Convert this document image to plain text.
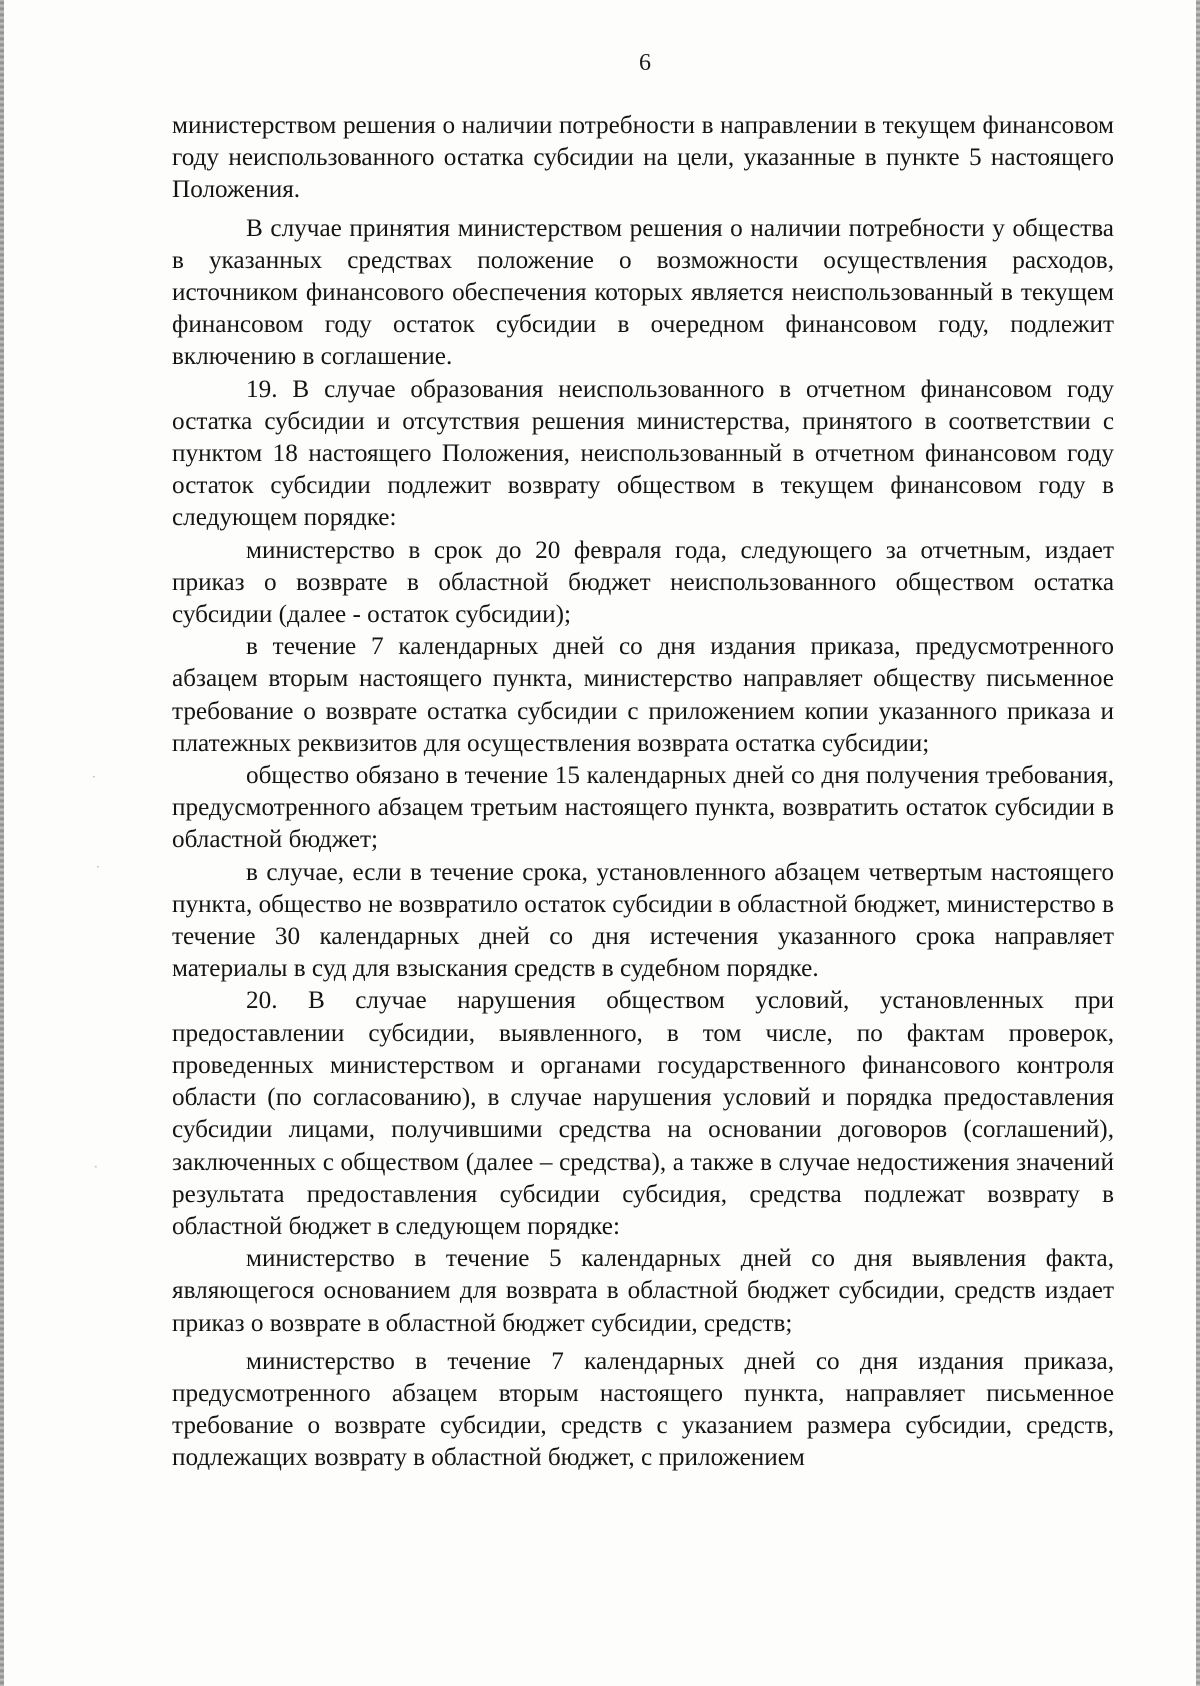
6

министерством решения о наличии потребности в направлении в текущем финансовом году неиспользованного остатка субсидии на цели, указанные в пункте 5 настоящего Положения.

В случае принятия министерством решения о наличии потребности у общества в указанных средствах положение о возможности осуществления расходов, источником финансового обеспечения которых является неиспользованный в текущем финансовом году остаток субсидии в очередном финансовом году, подлежит включению в соглашение.

19. В случае образования неиспользованного в отчетном финансовом году остатка субсидии и отсутствия решения министерства, принятого в соответствии с пунктом 18 настоящего Положения, неиспользованный в отчетном финансовом году остаток субсидии подлежит возврату обществом в текущем финансовом году в следующем порядке:

министерство в срок до 20 февраля года, следующего за отчетным, издает приказ о возврате в областной бюджет неиспользованного обществом остатка субсидии (далее - остаток субсидии);

в течение 7 календарных дней со дня издания приказа, предусмотренного абзацем вторым настоящего пункта, министерство направляет обществу письменное требование о возврате остатка субсидии с приложением копии указанного приказа и платежных реквизитов для осуществления возврата остатка субсидии;

общество обязано в течение 15 календарных дней со дня получения требования, предусмотренного абзацем третьим настоящего пункта, возвратить остаток субсидии в областной бюджет;

в случае, если в течение срока, установленного абзацем четвертым настоящего пункта, общество не возвратило остаток субсидии в областной бюджет, министерство в течение 30 календарных дней со дня истечения указанного срока направляет материалы в суд для взыскания средств в судебном порядке.

20. В случае нарушения обществом условий, установленных при предоставлении субсидии, выявленного, в том числе, по фактам проверок, проведенных министерством и органами государственного финансового контроля области (по согласованию), в случае нарушения условий и порядка предоставления субсидии лицами, получившими средства на основании договоров (соглашений), заключенных с обществом (далее – средства), а также в случае недостижения значений результата предоставления субсидии субсидия, средства подлежат возврату в областной бюджет в следующем порядке:

министерство в течение 5 календарных дней со дня выявления факта, являющегося основанием для возврата в областной бюджет субсидии, средств издает приказ о возврате в областной бюджет субсидии, средств;

министерство в течение 7 календарных дней со дня издания приказа, предусмотренного абзацем вторым настоящего пункта, направляет письменное требование о возврате субсидии, средств с указанием размера субсидии, средств, подлежащих возврату в областной бюджет, с приложением

·
·
·
